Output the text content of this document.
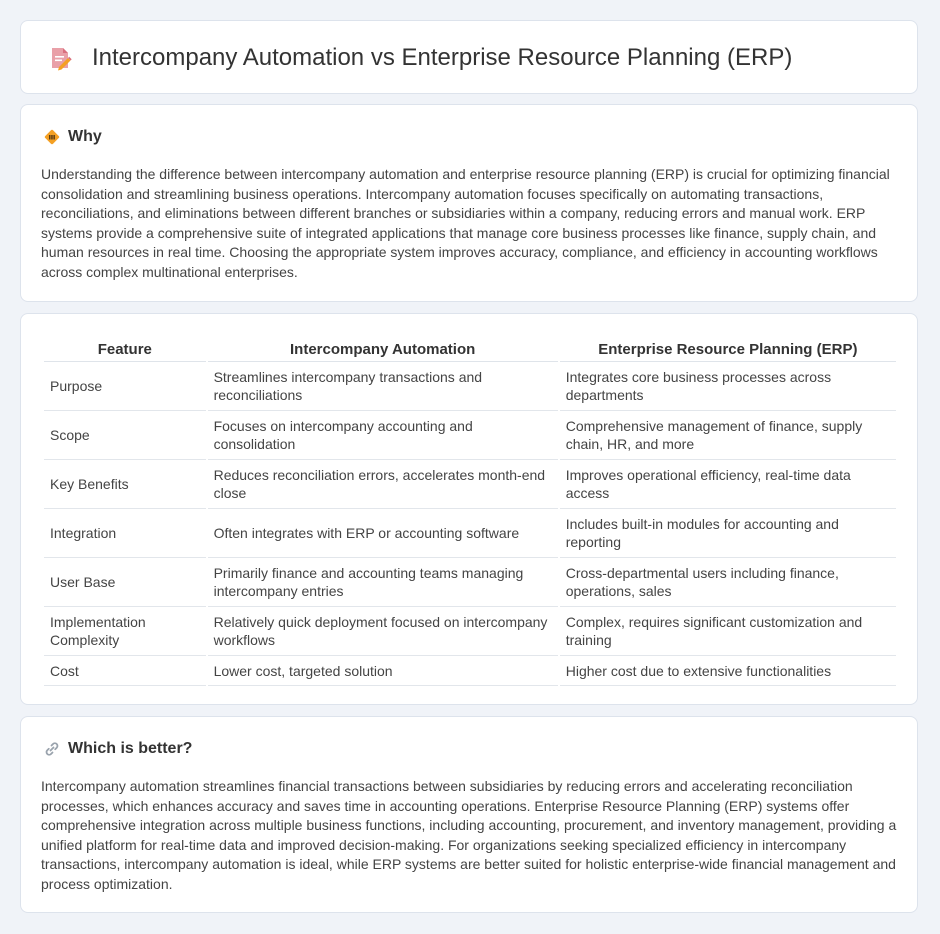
Intercompany Automation vs Enterprise Resource Planning (ERP)
Why

Understanding the difference between intercompany automation and enterprise resource planning (ERP) is crucial for optimizing financial consolidation and streamlining business operations. Intercompany automation focuses specifically on automating transactions, reconciliations, and eliminations between different branches or subsidiaries within a company, reducing errors and manual work. ERP systems provide a comprehensive suite of integrated applications that manage core business processes like finance, supply chain, and human resources in real time. Choosing the appropriate system improves accuracy, compliance, and efficiency in accounting workflows across complex multinational enterprises.

Feature	Intercompany Automation	Enterprise Resource Planning (ERP)
Purpose	Streamlines intercompany transactions and reconciliations	Integrates core business processes across departments
Scope	Focuses on intercompany accounting and consolidation	Comprehensive management of finance, supply chain, HR, and more
Key Benefits	Reduces reconciliation errors, accelerates month-end close	Improves operational efficiency, real-time data access
Integration	Often integrates with ERP or accounting software	Includes built-in modules for accounting and reporting
User Base	Primarily finance and accounting teams managing intercompany entries	Cross-departmental users including finance, operations, sales
Implementation Complexity	Relatively quick deployment focused on intercompany workflows	Complex, requires significant customization and training
Cost	Lower cost, targeted solution	Higher cost due to extensive functionalities
Which is better?

Intercompany automation streamlines financial transactions between subsidiaries by reducing errors and accelerating reconciliation processes, which enhances accuracy and saves time in accounting operations. Enterprise Resource Planning (ERP) systems offer comprehensive integration across multiple business functions, including accounting, procurement, and inventory management, providing a unified platform for real-time data and improved decision-making. For organizations seeking specialized efficiency in intercompany transactions, intercompany automation is ideal, while ERP systems are better suited for holistic enterprise-wide financial management and process optimization.
